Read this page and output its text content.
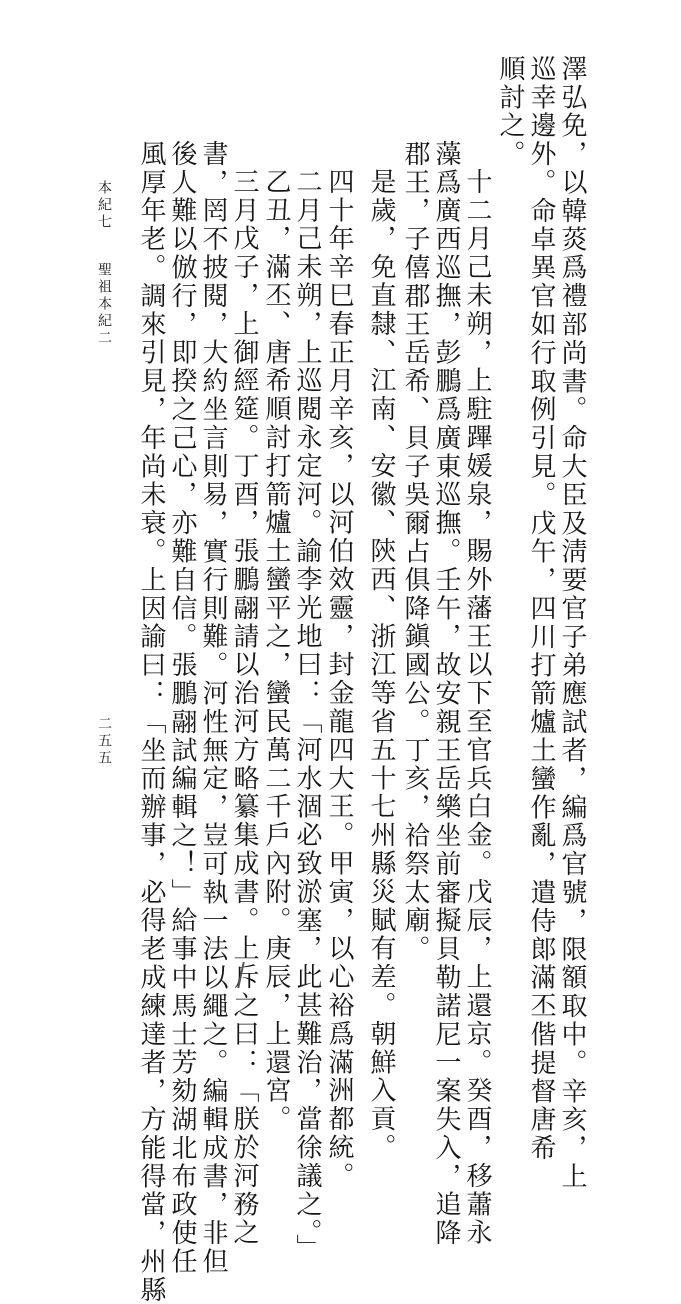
澤弘免，以韓菼爲禮部尚書。命大臣及淸要官子弟應試者，編爲官號，限額取中。辛亥，上
巡幸邊外。命卓異官如行取例引見。戊午，四川打箭爐土蠻作亂，遣侍郞滿丕偕提督唐希
順討之。
十二月己未朔，上駐蹕媛泉，賜外藩王以下至官兵白金。戊辰，上還京。癸酉，移蕭永
藻爲廣西巡撫，彭鵬爲廣東巡撫。壬午，故安親王岳樂坐前審擬貝勒諾尼一案失入，追降
郡王，子僖郡王岳希、貝子吳爾占俱降鎭國公。丁亥，祫祭太廟。
是歲，免直隸、江南、安徽、陝西、浙江等省五十七州縣災賦有差。朝鮮入貢。
四十年辛巳春正月辛亥，以河伯效靈，封金龍四大王。甲寅，以心裕爲滿洲都統。
二月己未朔，上巡閱永定河。諭李光地曰：「河水涸必致淤塞，此甚難治，當徐議之。」
乙丑，滿丕、唐希順討打箭爐土蠻平之，蠻民萬二千戶內附。庚辰，上還宮。
三月戊子，上御經筵。丁酉，張鵬翮請以治河方略纂集成書。上斥之曰：「朕於河務之
書，罔不披閱，大約坐言則易，實行則難。河性無定，豈可執一法以繩之。編輯成書，非但
後人難以倣行，即揆之己心，亦難自信。張鵬翮試編輯之！」給事中馬士芳劾湖北布政使任
風厚年老。調來引見，年尚未衰。上因諭曰：「坐而辦事，必得老成練達者，方能得當，州縣
本紀七
聖祖本紀二
二五五
